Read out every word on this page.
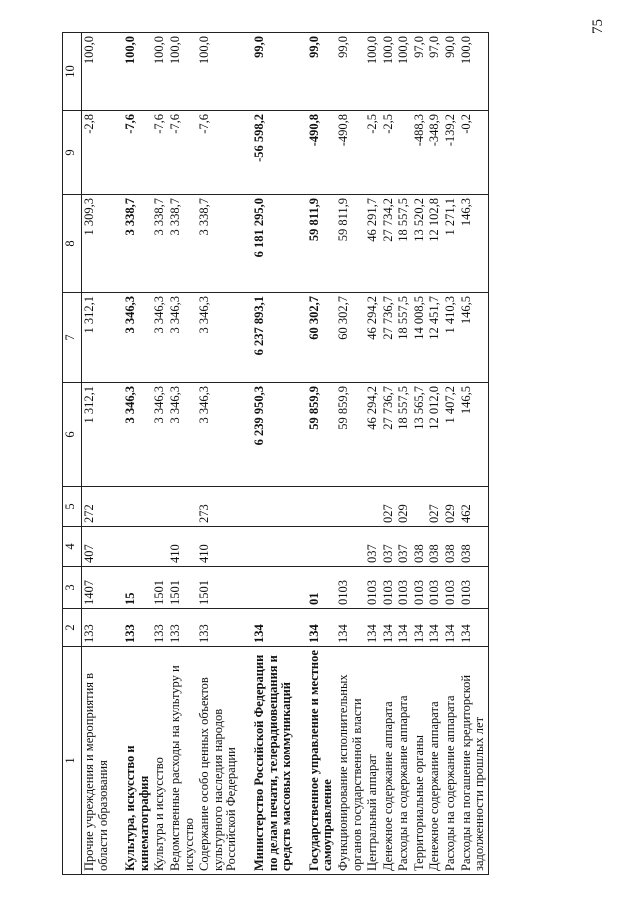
75
1	2	3	4	5	6	7	8	9	10
Прочие учреждения и мероприятия в области образования	133	1407	407	272	1 312,1	1 312,1	1 309,3	-2,8	100,0

Культура, искусство и кинематография	133	15			3 346,3	3 346,3	3 338,7	-7,6	100,0
Культура и искусство	133	1501			3 346,3	3 346,3	3 338,7	-7,6	100,0
Ведомственные расходы на культуру и искусство	133	1501	410		3 346,3	3 346,3	3 338,7	-7,6	100,0
Содержание особо ценных объектов культурного наследия народов Российской Федерации	133	1501	410	273	3 346,3	3 346,3	3 338,7	-7,6	100,0

Министерство Российской Федерации по делам печати, телерадиовещания и средств массовых коммуникаций	134				6 239 950,3	6 237 893,1	6 181 295,0	-56 598,2	99,0

Государственное управление и местное самоуправление	134	01			59 859,9	60 302,7	59 811,9	-490,8	99,0
Функционирование исполнительных органов государственной власти	134	0103			59 859,9	60 302,7	59 811,9	-490,8	99,0
Центральный аппарат	134	0103	037		46 294,2	46 294,2	46 291,7	-2,5	100,0
Денежное содержание аппарата	134	0103	037	027	27 736,7	27 736,7	27 734,2	-2,5	100,0
Расходы на содержание аппарата	134	0103	037	029	18 557,5	18 557,5	18 557,5		100,0
Территориальные органы	134	0103	038		13 565,7	14 008,5	13 520,2	-488,3	97,0
Денежное содержание аппарата	134	0103	038	027	12 012,0	12 451,7	12 102,8	-348,9	97,0
Расходы на содержание аппарата	134	0103	038	029	1 407,2	1 410,3	1 271,1	-139,2	90,0
Расходы на погашение кредиторской задолженности прошлых лет	134	0103	038	462	146,5	146,5	146,3	-0,2	100,0
